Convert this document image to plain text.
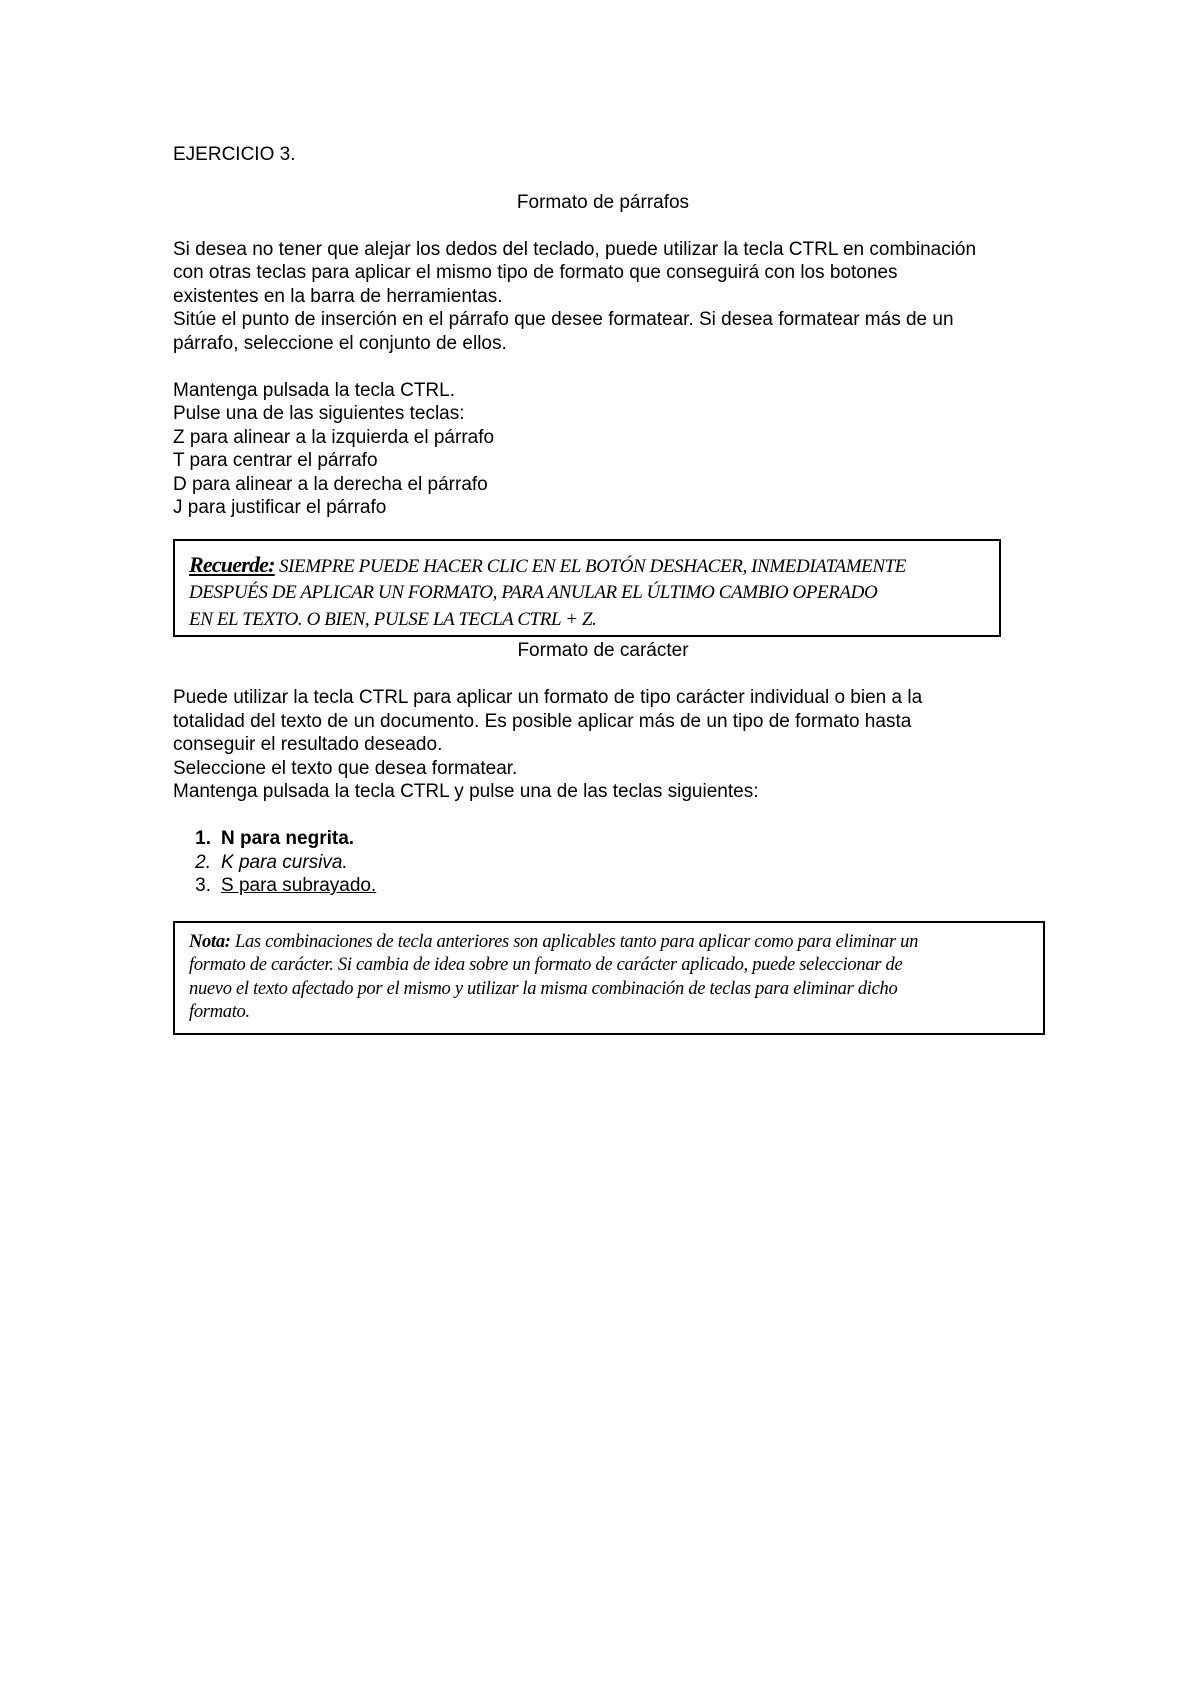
EJERCICIO 3.
Formato de párrafos
Si desea no tener que alejar los dedos del teclado, puede utilizar la tecla CTRL en combinación
con otras teclas para aplicar el mismo tipo de formato que conseguirá con los botones
existentes en la barra de herramientas.
Sitúe el punto de inserción en el párrafo que desee formatear. Si desea formatear más de un
párrafo, seleccione el conjunto de ellos.
Mantenga pulsada la tecla CTRL.
Pulse una de las siguientes teclas:
Z para alinear a la izquierda el párrafo
T para centrar el párrafo
D para alinear a la derecha el párrafo
J para justificar el párrafo
Recuerde: SIEMPRE PUEDE HACER CLIC EN EL BOTÓN DESHACER, INMEDIATAMENTE
DESPUÉS DE APLICAR UN FORMATO, PARA ANULAR EL ÚLTIMO CAMBIO OPERADO
EN EL TEXTO. O BIEN, PULSE LA TECLA CTRL + Z.
Formato de carácter
Puede utilizar la tecla CTRL para aplicar un formato de tipo carácter individual o bien a la
totalidad del texto de un documento. Es posible aplicar más de un tipo de formato hasta
conseguir el resultado deseado.
Seleccione el texto que desea formatear.
Mantenga pulsada la tecla CTRL y pulse una de las teclas siguientes:
1. N para negrita.
2. K para cursiva.
3. S para subrayado.
Nota: Las combinaciones de tecla anteriores son aplicables tanto para aplicar como para eliminar un
formato de carácter. Si cambia de idea sobre un formato de carácter aplicado, puede seleccionar de
nuevo el texto afectado por el mismo y utilizar la misma combinación de teclas para eliminar dicho
formato.
